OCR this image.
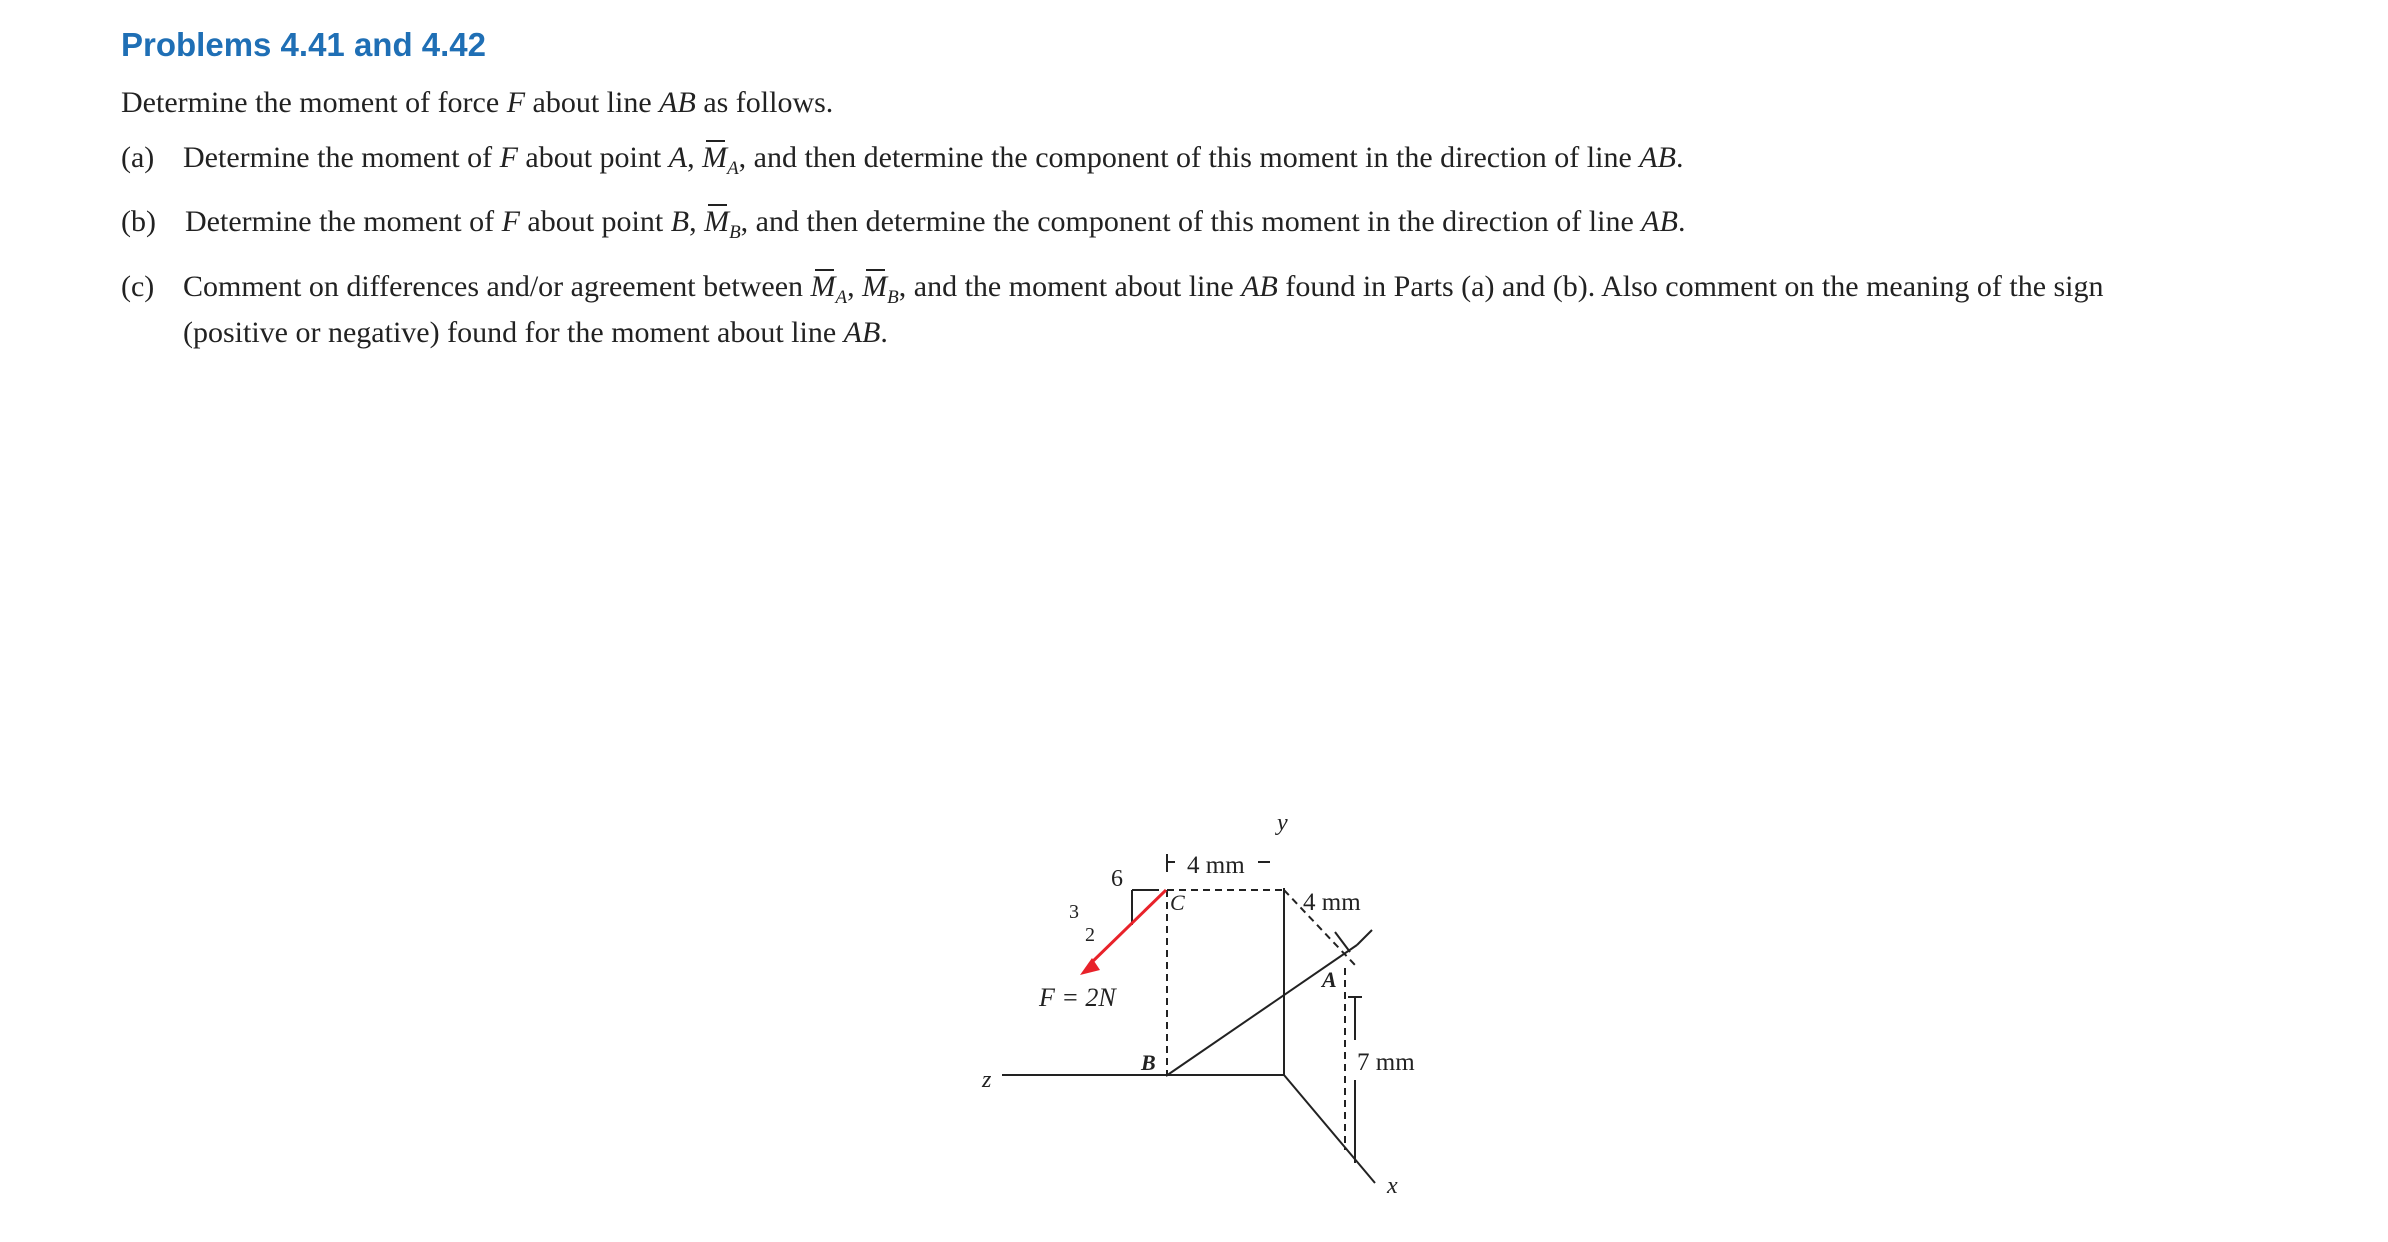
Problems 4.41 and 4.42
Determine the moment of force F about line AB as follows.
(a) Determine the moment of F about point A, $M_A$, and then determine the component of this moment in the direction of line AB.
(b) Determine the moment of F about point B, $M_B$, and then determine the component of this moment in the direction of line AB.
(c) Comment on differences and/or agreement between $M_A$, $M_B$, and the moment about line AB found in Parts (a) and (b). Also comment on the meaning of the sign
(positive or negative) found for the moment about line AB.
4 mm
4 mm
7 mm
6
3
2
F = 2N
A
B
C
x
y
z
